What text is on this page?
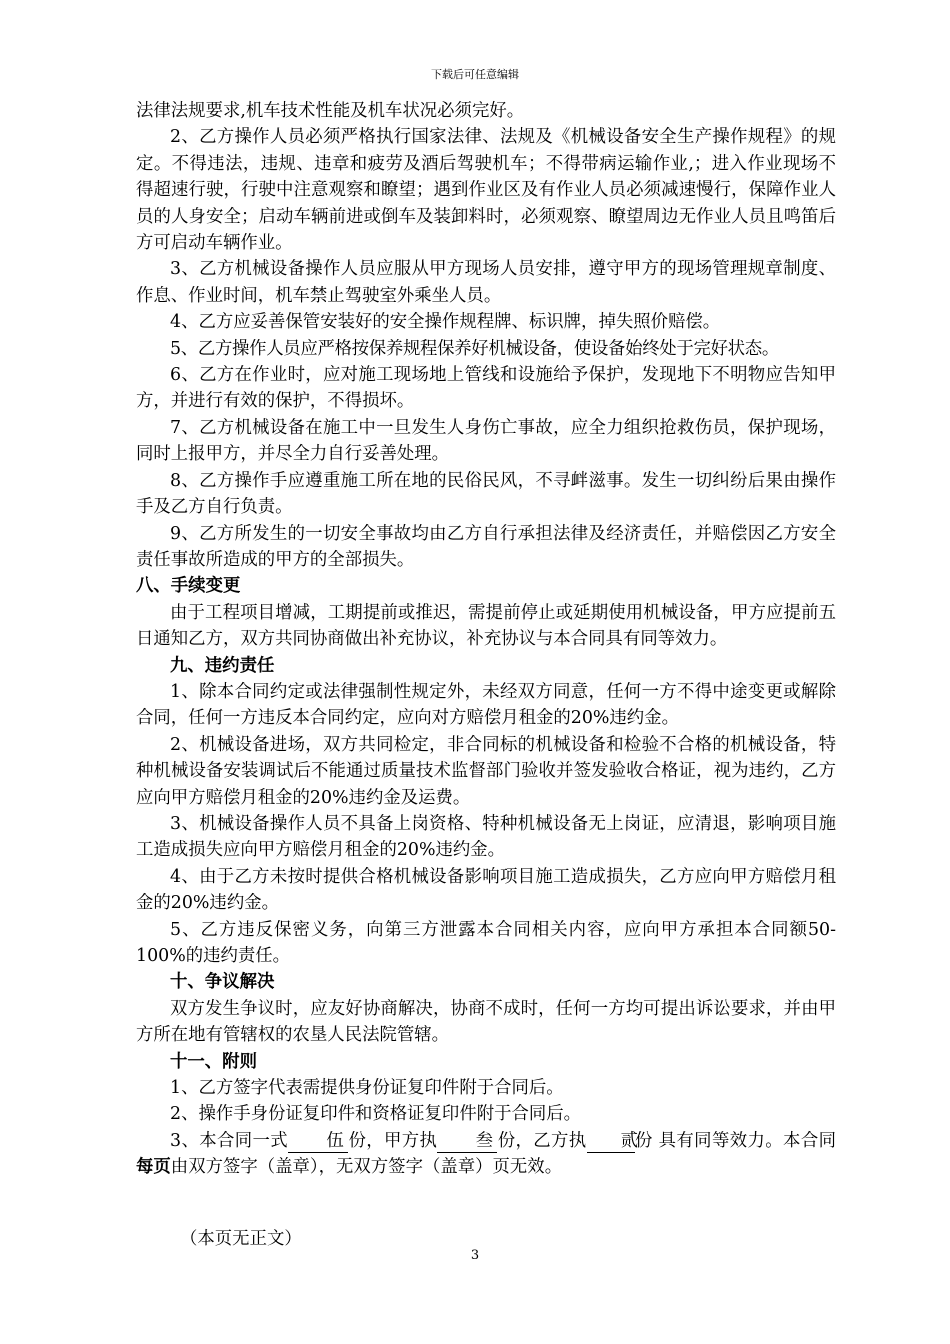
下载后可任意编辑

法律法规要求,机车技术性能及机车状况必须完好。

2、乙方操作人员必须严格执行国家法律、法规及《机械设备安全生产操作规程》的规定。不得违法，违规、违章和疲劳及酒后驾驶机车；不得带病运输作业,；进入作业现场不得超速行驶，行驶中注意观察和瞭望；遇到作业区及有作业人员必须减速慢行，保障作业人员的人身安全；启动车辆前进或倒车及装卸料时，必须观察、瞭望周边无作业人员且鸣笛后方可启动车辆作业。

3、乙方机械设备操作人员应服从甲方现场人员安排，遵守甲方的现场管理规章制度、作息、作业时间，机车禁止驾驶室外乘坐人员。

4、乙方应妥善保管安装好的安全操作规程牌、标识牌，掉失照价赔偿。

5、乙方操作人员应严格按保养规程保养好机械设备，使设备始终处于完好状态。

6、乙方在作业时，应对施工现场地上管线和设施给予保护，发现地下不明物应告知甲方，并进行有效的保护，不得损坏。

7、乙方机械设备在施工中一旦发生人身伤亡事故，应全力组织抢救伤员，保护现场，同时上报甲方，并尽全力自行妥善处理。

8、乙方操作手应遵重施工所在地的民俗民风，不寻衅滋事。发生一切纠纷后果由操作手及乙方自行负责。

9、乙方所发生的一切安全事故均由乙方自行承担法律及经济责任，并赔偿因乙方安全责任事故所造成的甲方的全部损失。

八、手续变更

由于工程项目增减，工期提前或推迟，需提前停止或延期使用机械设备，甲方应提前五日通知乙方，双方共同协商做出补充协议，补充协议与本合同具有同等效力。

九、违约责任

1、除本合同约定或法律强制性规定外，未经双方同意，任何一方不得中途变更或解除合同，任何一方违反本合同约定，应向对方赔偿月租金的20%违约金。

2、机械设备进场，双方共同检定，非合同标的机械设备和检验不合格的机械设备，特种机械设备安装调试后不能通过质量技术监督部门验收并签发验收合格证，视为违约，乙方应向甲方赔偿月租金的20%违约金及运费。

3、机械设备操作人员不具备上岗资格、特种机械设备无上岗证，应清退，影响项目施工造成损失应向甲方赔偿月租金的20%违约金。

4、由于乙方未按时提供合格机械设备影响项目施工造成损失，乙方应向甲方赔偿月租金的20%违约金。

5、乙方违反保密义务，向第三方泄露本合同相关内容，应向甲方承担本合同额50-100%的违约责任。

十、争议解决

双方发生争议时，应友好协商解决，协商不成时，任何一方均可提出诉讼要求，并由甲方所在地有管辖权的农垦人民法院管辖。

十一、附则

1、乙方签字代表需提供身份证复印件附于合同后。

2、操作手身份证复印件和资格证复印件附于合同后。

3、本合同一式 伍 份，甲方执 叁 份，乙方执 贰份 具有同等效力。本合同每页由双方签字（盖章），无双方签字（盖章）页无效。

（本页无正文）
3
